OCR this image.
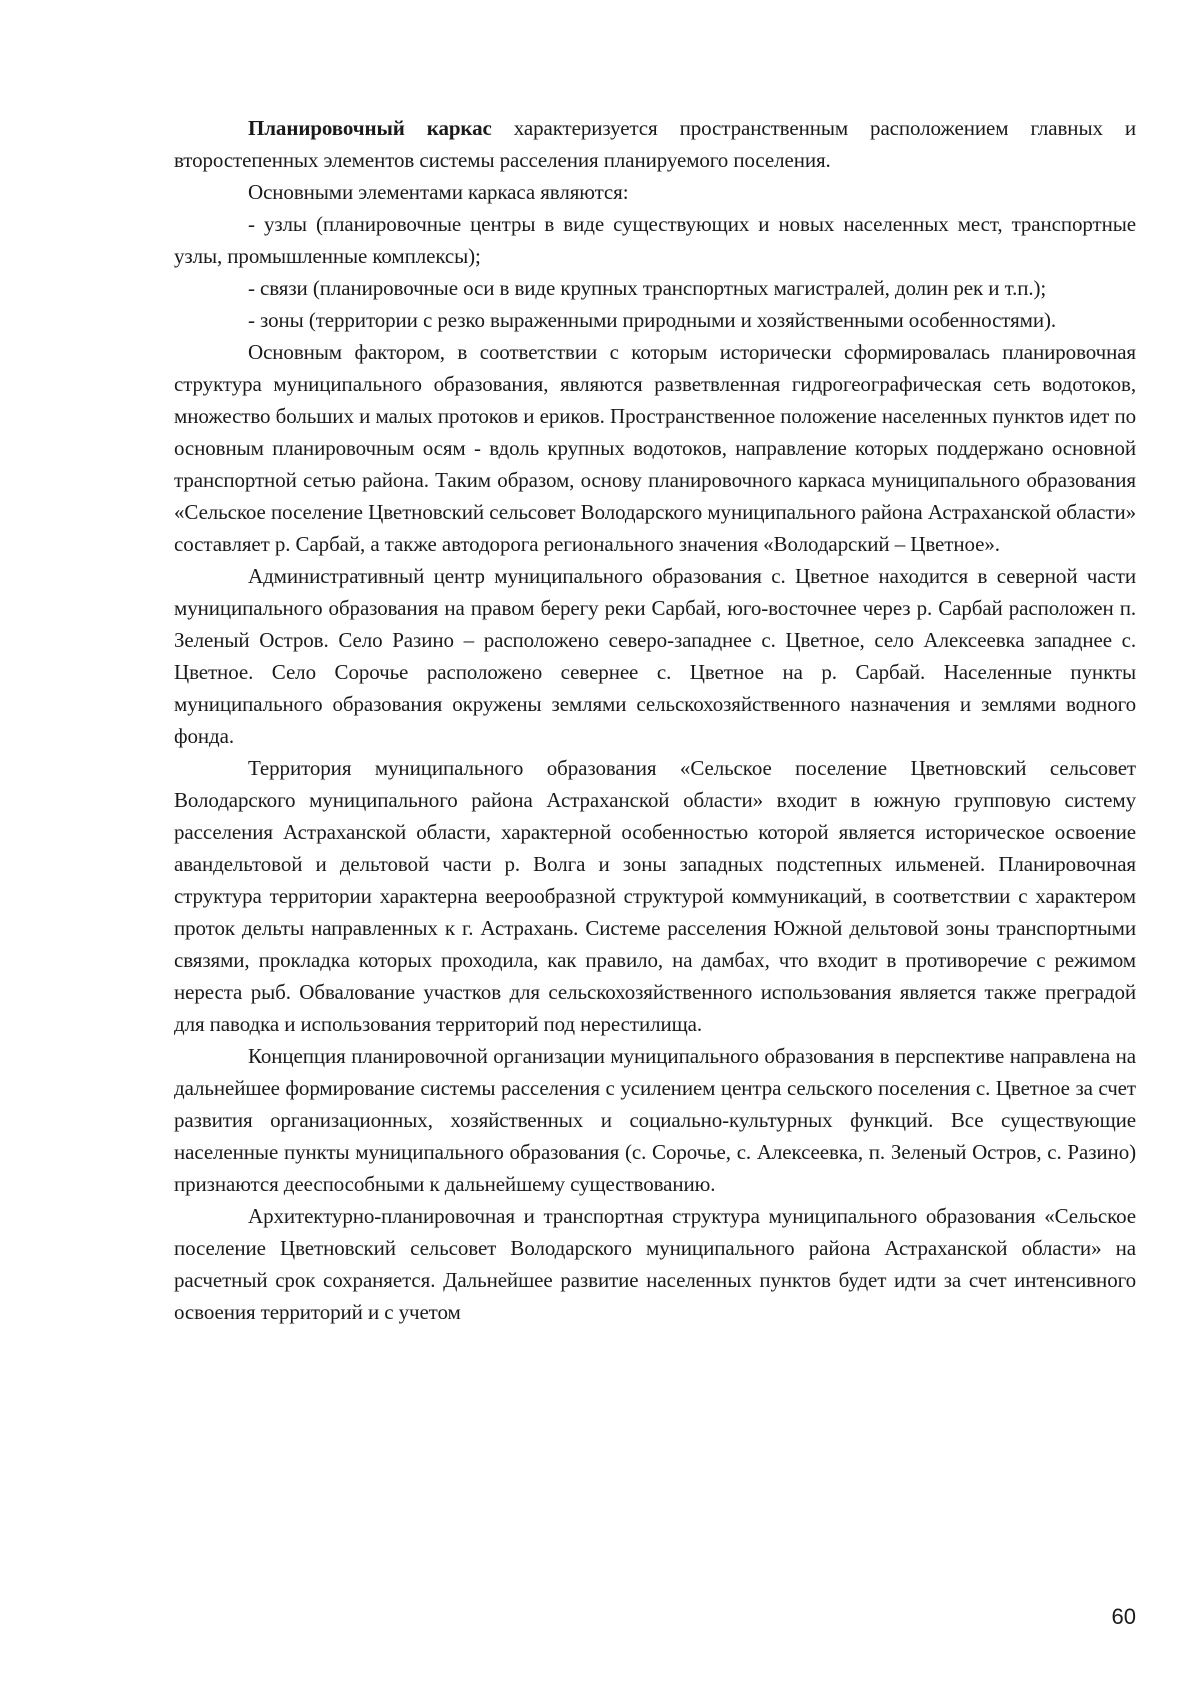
Планировочный каркас характеризуется пространственным расположением главных и второстепенных элементов системы расселения планируемого поселения.

Основными элементами каркаса являются:

- узлы (планировочные центры в виде существующих и новых населенных мест, транспортные узлы, промышленные комплексы);

- связи (планировочные оси в виде крупных транспортных магистралей, долин рек и т.п.);

- зоны (территории с резко выраженными природными и хозяйственными особенностями).

Основным фактором, в соответствии с которым исторически сформировалась планировочная структура муниципального образования, являются разветвленная гидрогеографическая сеть водотоков, множество больших и малых протоков и ериков. Пространственное положение населенных пунктов идет по основным планировочным осям - вдоль крупных водотоков, направление которых поддержано основной транспортной сетью района. Таким образом, основу планировочного каркаса муниципального образования «Сельское поселение Цветновский сельсовет Володарского муниципального района Астраханской области» составляет р. Сарбай, а также автодорога регионального значения «Володарский – Цветное».

Административный центр муниципального образования с. Цветное находится в северной части муниципального образования на правом берегу реки Сарбай, юго-восточнее через р. Сарбай расположен п. Зеленый Остров. Село Разино – расположено северо-западнее с. Цветное, село Алексеевка западнее с. Цветное. Село Сорочье расположено севернее с. Цветное на р. Сарбай. Населенные пункты муниципального образования окружены землями сельскохозяйственного назначения и землями водного фонда.

Территория муниципального образования «Сельское поселение Цветновский сельсовет Володарского муниципального района Астраханской области» входит в южную групповую систему расселения Астраханской области, характерной особенностью которой является историческое освоение авандельтовой и дельтовой части р. Волга и зоны западных подстепных ильменей. Планировочная структура территории характерна веерообразной структурой коммуникаций, в соответствии с характером проток дельты направленных к г. Астрахань. Системе расселения Южной дельтовой зоны транспортными связями, прокладка которых проходила, как правило, на дамбах, что входит в противоречие с режимом нереста рыб. Обвалование участков для сельскохозяйственного использования является также преградой для паводка и использования территорий под нерестилища.

Концепция планировочной организации муниципального образования в перспективе направлена на дальнейшее формирование системы расселения с усилением центра сельского поселения с. Цветное за счет развития организационных, хозяйственных и социально-культурных функций. Все существующие населенные пункты муниципального образования (с. Сорочье, с. Алексеевка, п. Зеленый Остров, с. Разино) признаются дееспособными к дальнейшему существованию.

Архитектурно-планировочная и транспортная структура муниципального образования «Сельское поселение Цветновский сельсовет Володарского муниципального района Астраханской области» на расчетный срок сохраняется. Дальнейшее развитие населенных пунктов будет идти за счет интенсивного освоения территорий и с учетом

60
